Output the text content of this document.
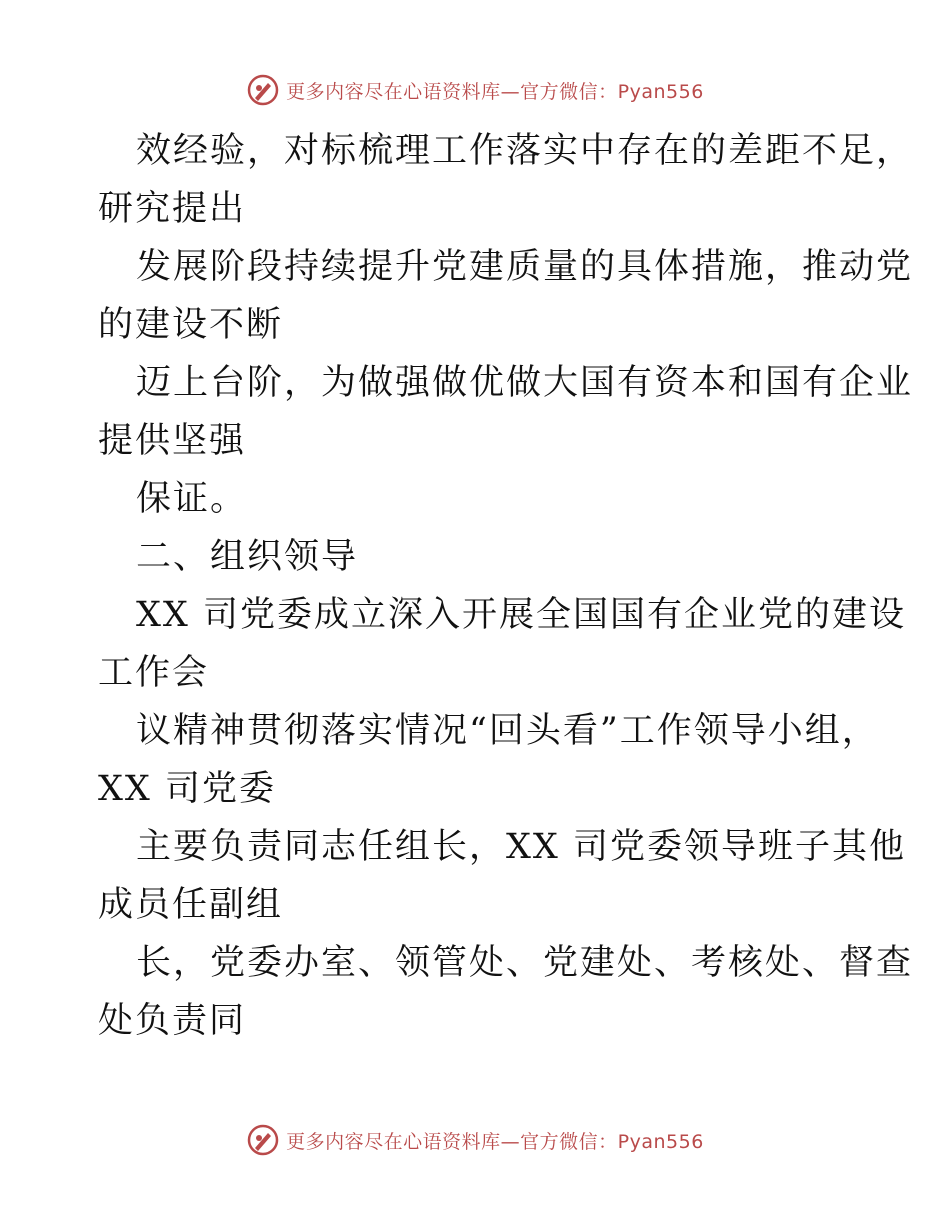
更多内容尽在心语资料库—官方微信：Pyan556
效经验，对标梳理工作落实中存在的差距不足，
研究提出
发展阶段持续提升党建质量的具体措施，推动党
的建设不断
迈上台阶，为做强做优做大国有资本和国有企业
提供坚强
保证。
二、组织领导
XX 司党委成立深入开展全国国有企业党的建设
工作会
议精神贯彻落实情况“回头看”工作领导小组，
XX 司党委
主要负责同志任组长，XX 司党委领导班子其他
成员任副组
长，党委办室、领管处、党建处、考核处、督查
处负责同
更多内容尽在心语资料库—官方微信：Pyan556
